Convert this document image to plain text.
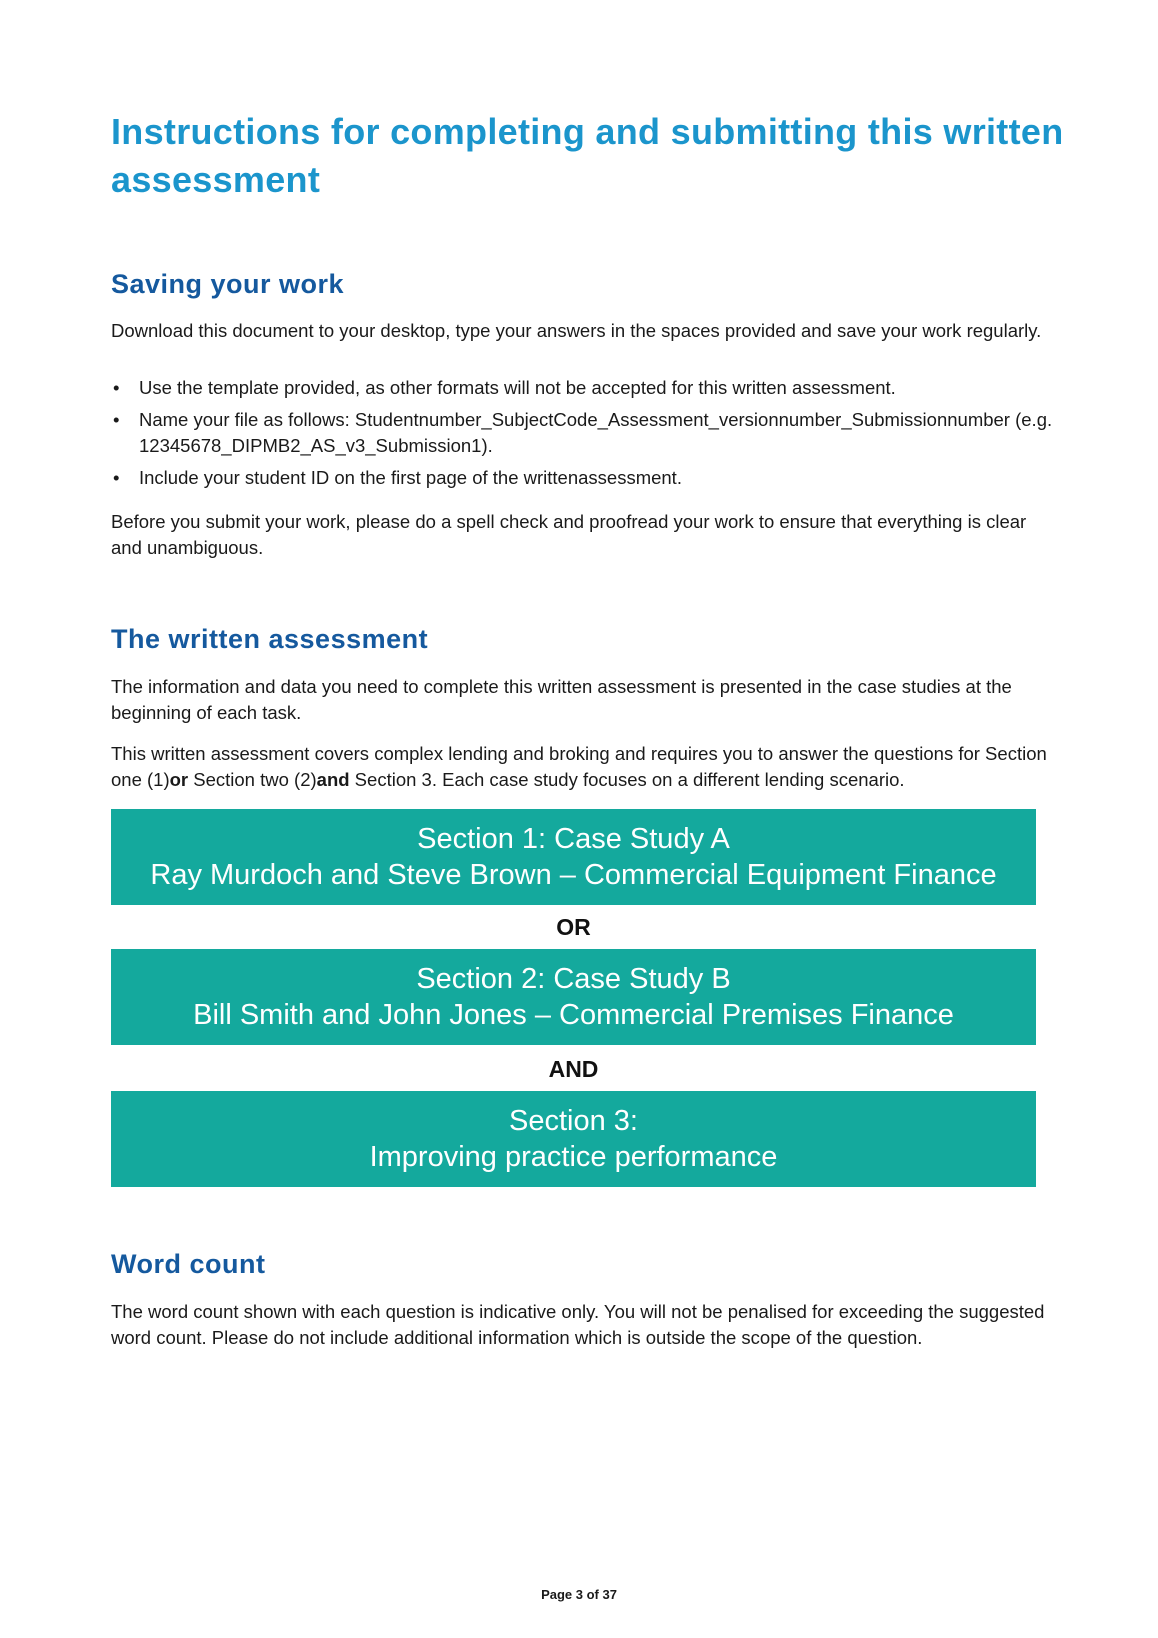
Instructions for completing and submitting this written assessment
Saving your work

Download this document to your desktop, type your answers in the spaces provided and save your work regularly.

• Use the template provided, as other formats will not be accepted for this written assessment.
• Name your file as follows: Studentnumber_SubjectCode_Assessment_versionnumber_Submissionnumber (e.g. 12345678_DIPMB2_AS_v3_Submission1).
• Include your student ID on the first page of the writtenassessment.

Before you submit your work, please do a spell check and proofread your work to ensure that everything is clear and unambiguous.

The written assessment

The information and data you need to complete this written assessment is presented in the case studies at the beginning of each task.

This written assessment covers complex lending and broking and requires you to answer the questions for Section one (1)or Section two (2)and Section 3. Each case study focuses on a different lending scenario.

Section 1: Case Study A
Ray Murdoch and Steve Brown – Commercial Equipment Finance
OR
Section 2: Case Study B
Bill Smith and John Jones – Commercial Premises Finance
AND
Section 3:
Improving practice performance
Word count

The word count shown with each question is indicative only. You will not be penalised for exceeding the suggested word count. Please do not include additional information which is outside the scope of the question.

Page 3 of 37
